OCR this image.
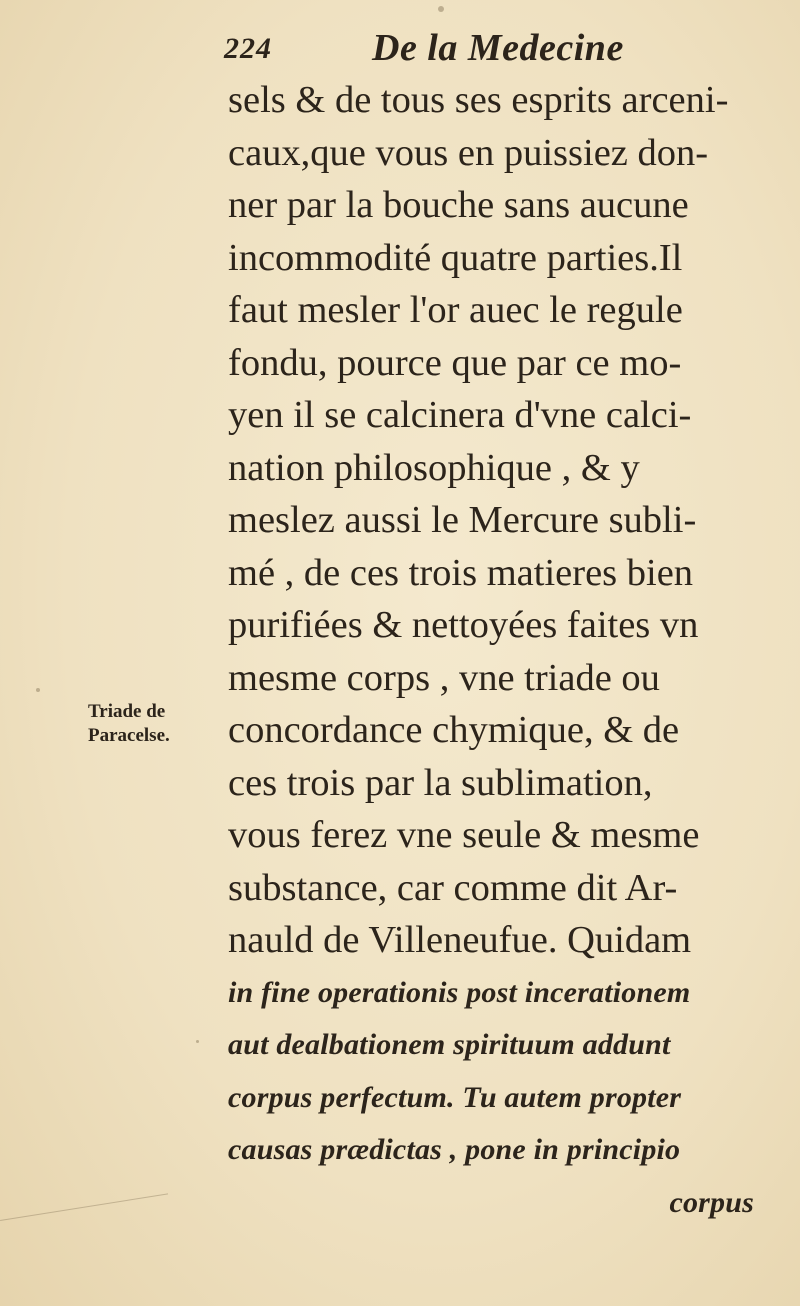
224	De la Medecine
Triade de
Paracelse.
sels & de tous ses esprits arceni-
caux,que vous en puissiez don-
ner par la bouche sans aucune
incommodité quatre parties.Il
faut mesler l'or auec le regule
fondu, pource que par ce mo-
yen il se calcinera d'vne calci-
nation philosophique , & y
meslez aussi le Mercure subli-
mé , de ces trois matieres bien
purifiées & nettoyées faites vn
mesme corps , vne triade ou
concordance chymique, & de
ces trois par la sublimation,
vous ferez vne seule & mesme
substance, car comme dit Ar-
nauld de Villeneufue. Quidam
in fine operationis post incerationem
aut dealbationem spirituum addunt
corpus perfectum. Tu autem propter
causas prædictas , pone in principio
corpus
